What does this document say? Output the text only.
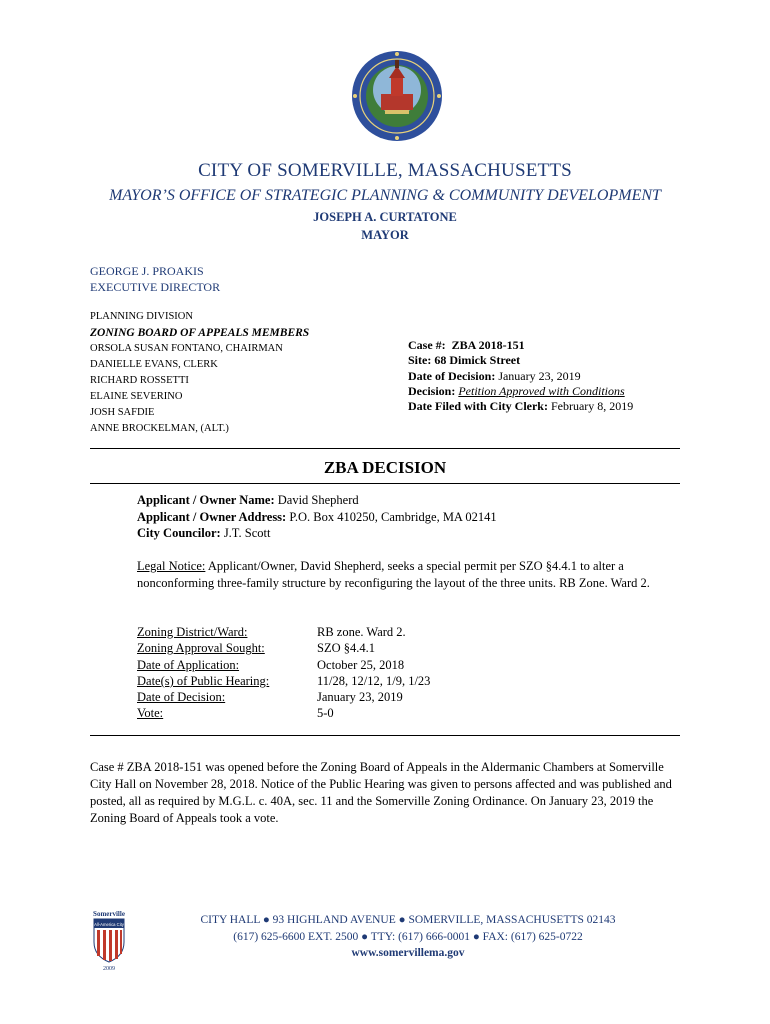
CITY OF SOMERVILLE, MASSACHUSETTS
MAYOR’S OFFICE OF STRATEGIC PLANNING & COMMUNITY DEVELOPMENT
JOSEPH A. CURTATONE
MAYOR
GEORGE J. PROAKIS
EXECUTIVE DIRECTOR
PLANNING DIVISION
ZONING BOARD OF APPEALS MEMBERS
ORSOLA SUSAN FONTANO, CHAIRMAN
DANIELLE EVANS, CLERK
RICHARD ROSSETTI
ELAINE SEVERINO
JOSH SAFDIE
ANNE BROCKELMAN, (ALT.)
Case #: ZBA 2018-151
Site: 68 Dimick Street
Date of Decision: January 23, 2019
Decision: Petition Approved with Conditions
Date Filed with City Clerk: February 8, 2019
ZBA DECISION
Applicant / Owner Name: David Shepherd
Applicant / Owner Address: P.O. Box 410250, Cambridge, MA 02141
City Councilor: J.T. Scott
Legal Notice: Applicant/Owner, David Shepherd, seeks a special permit per SZO §4.4.1 to alter a nonconforming three-family structure by reconfiguring the layout of the three units. RB Zone. Ward 2.
Zoning District/Ward:
Zoning Approval Sought:
Date of Application:
Date(s) of Public Hearing:
Date of Decision:
Vote:
RB zone. Ward 2.
SZO §4.4.1
October 25, 2018
11/28, 12/12, 1/9, 1/23
January 23, 2019
5-0
Case # ZBA 2018-151 was opened before the Zoning Board of Appeals in the Aldermanic Chambers at Somerville City Hall on November 28, 2018. Notice of the Public Hearing was given to persons affected and was published and posted, all as required by M.G.L. c. 40A, sec. 11 and the Somerville Zoning Ordinance. On January 23, 2019 the Zoning Board of Appeals took a vote.
Somerville
All-America City
2009
CITY HALL ● 93 HIGHLAND AVENUE ● SOMERVILLE, MASSACHUSETTS 02143
(617) 625-6600 EXT. 2500 ● TTY: (617) 666-0001 ● FAX: (617) 625-0722
www.somervillema.gov
